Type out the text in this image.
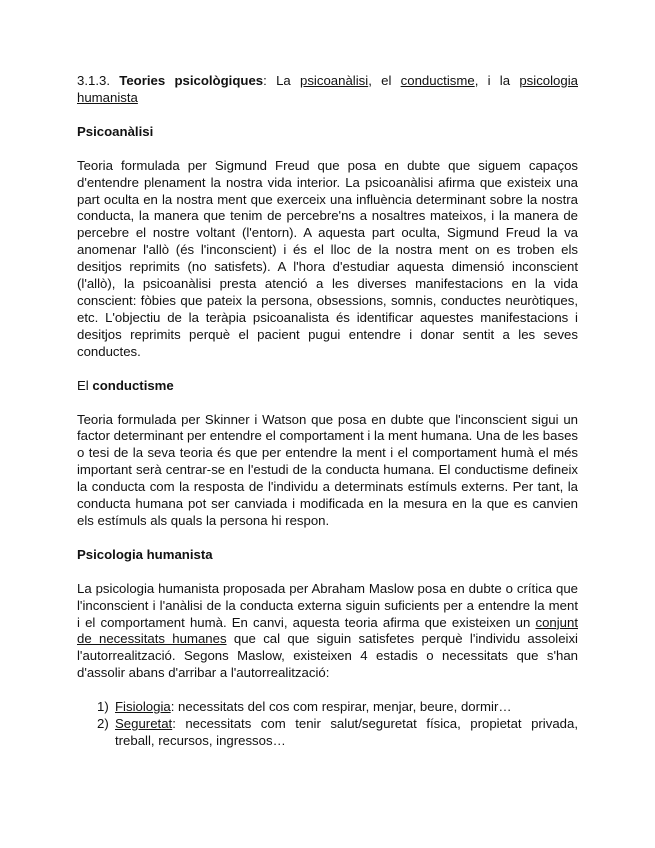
3.1.3. Teories psicològiques: La psicoanàlisi, el conductisme, i la psicologia humanista

Psicoanàlisi

Teoria formulada per Sigmund Freud que posa en dubte que siguem capaços d'entendre plenament la nostra vida interior. La psicoanàlisi afirma que existeix una part oculta en la nostra ment que exerceix una influència determinant sobre la nostra conducta, la manera que tenim de percebre'ns a nosaltres mateixos, i la manera de percebre el nostre voltant (l'entorn). A aquesta part oculta, Sigmund Freud la va anomenar l'allò (és l'inconscient) i és el lloc de la nostra ment on es troben els desitjos reprimits (no satisfets). A l'hora d'estudiar aquesta dimensió inconscient (l'allò), la psicoanàlisi presta atenció a les diverses manifestacions en la vida conscient: fòbies que pateix la persona, obsessions, somnis, conductes neuròtiques, etc. L'objectiu de la teràpia psicoanalista és identificar aquestes manifestacions i desitjos reprimits perquè el pacient pugui entendre i donar sentit a les seves conductes.

El conductisme

Teoria formulada per Skinner i Watson que posa en dubte que l'inconscient sigui un factor determinant per entendre el comportament i la ment humana. Una de les bases o tesi de la seva teoria és que per entendre la ment i el comportament humà el més important serà centrar-se en l'estudi de la conducta humana. El conductisme defineix la conducta com la resposta de l'individu a determinats estímuls externs. Per tant, la conducta humana pot ser canviada i modificada en la mesura en la que es canvien els estímuls als quals la persona hi respon.

Psicologia humanista

La psicologia humanista proposada per Abraham Maslow posa en dubte o crítica que l'inconscient i l'anàlisi de la conducta externa siguin suficients per a entendre la ment i el comportament humà. En canvi, aquesta teoria afirma que existeixen un conjunt de necessitats humanes que cal que siguin satisfetes perquè l'individu assoleixi l'autorrealització. Segons Maslow, existeixen 4 estadis o necessitats que s'han d'assolir abans d'arribar a l'autorrealització:

1) Fisiologia: necessitats del cos com respirar, menjar, beure, dormir…
2) Seguretat: necessitats com tenir salut/seguretat física, propietat privada, treball, recursos, ingressos…
